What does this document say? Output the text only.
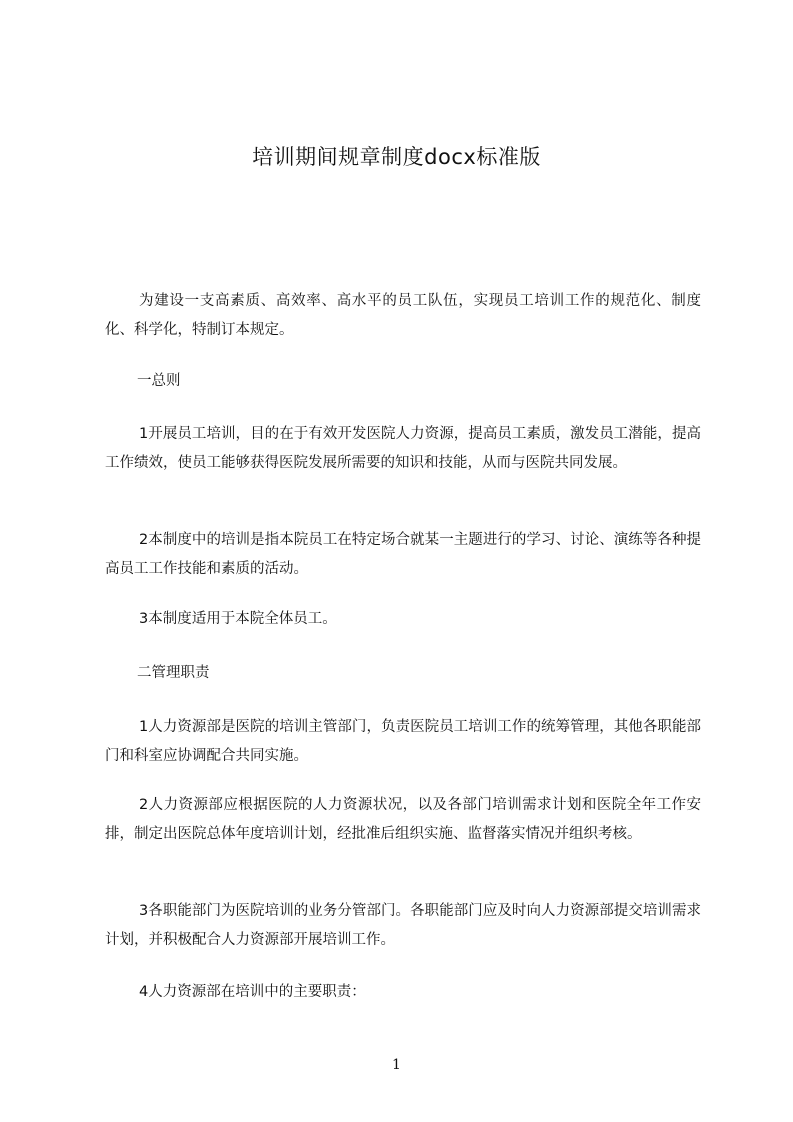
培训期间规章制度docx标准版

为建设一支高素质、高效率、高水平的员工队伍，实现员工培训工作的规范化、制度化、科学化，特制订本规定。

一总则

1开展员工培训，目的在于有效开发医院人力资源，提高员工素质，激发员工潜能，提高工作绩效，使员工能够获得医院发展所需要的知识和技能，从而与医院共同发展。

2本制度中的培训是指本院员工在特定场合就某一主题进行的学习、讨论、演练等各种提高员工工作技能和素质的活动。

3本制度适用于本院全体员工。

二管理职责

1人力资源部是医院的培训主管部门，负责医院员工培训工作的统筹管理，其他各职能部门和科室应协调配合共同实施。

2人力资源部应根据医院的人力资源状况，以及各部门培训需求计划和医院全年工作安排，制定出医院总体年度培训计划，经批准后组织实施、监督落实情况并组织考核。

3各职能部门为医院培训的业务分管部门。各职能部门应及时向人力资源部提交培训需求计划，并积极配合人力资源部开展培训工作。

4人力资源部在培训中的主要职责：

1
